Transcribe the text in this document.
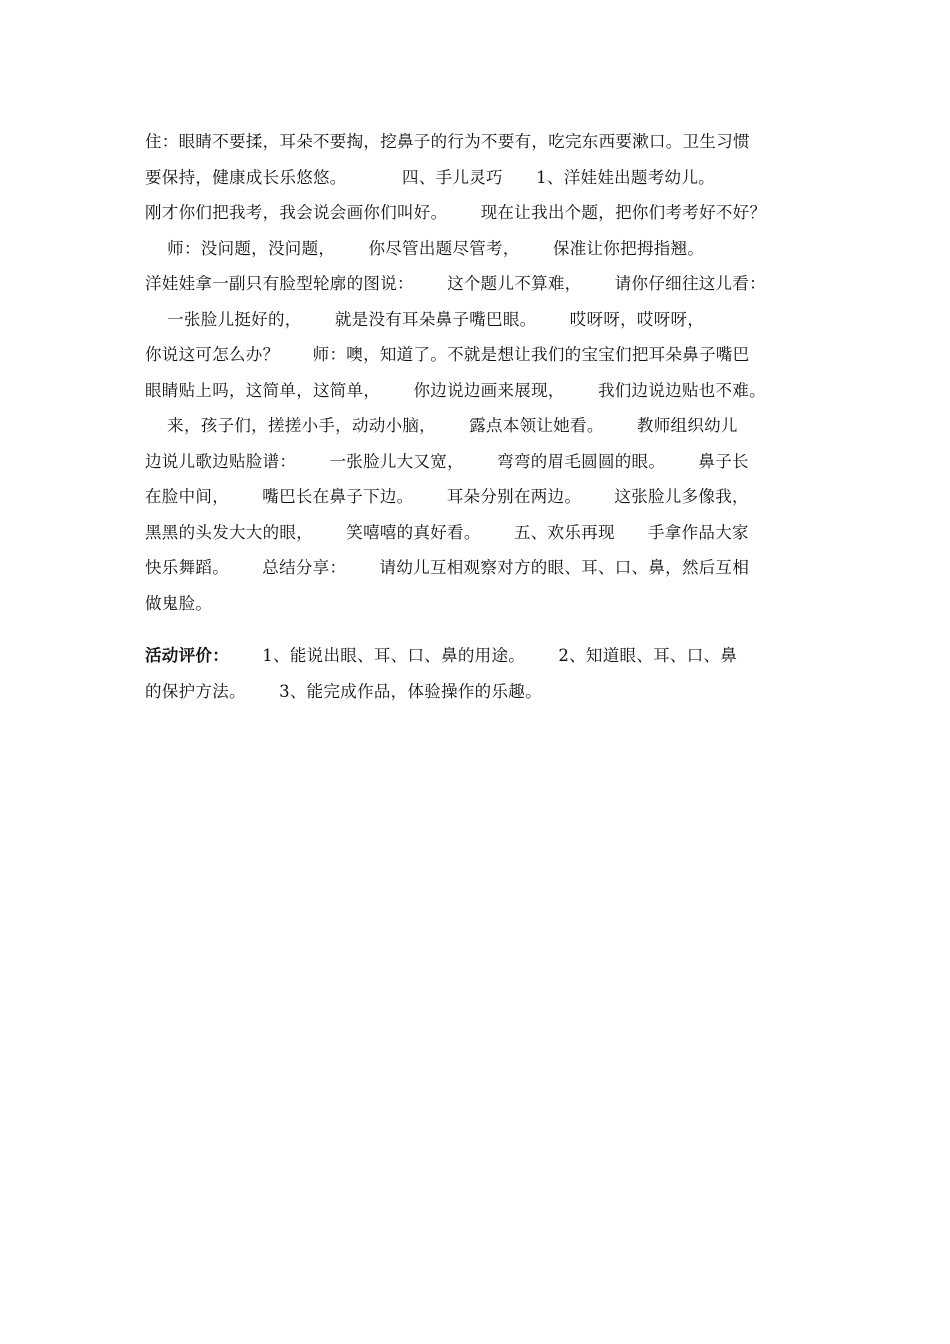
住：眼睛不要揉，耳朵不要掏，挖鼻子的行为不要有，吃完东西要漱口。卫生习惯
要保持，健康成长乐悠悠。          四、手儿灵巧      1、洋娃娃出题考幼儿。
刚才你们把我考，我会说会画你们叫好。      现在让我出个题，把你们考考好不好？
师：没问题，没问题，      你尽管出题尽管考，      保准让你把拇指翘。
洋娃娃拿一副只有脸型轮廓的图说：      这个题儿不算难，      请你仔细往这儿看：
一张脸儿挺好的，      就是没有耳朵鼻子嘴巴眼。      哎呀呀，哎呀呀，
你说这可怎么办？      师：噢，知道了。不就是想让我们的宝宝们把耳朵鼻子嘴巴
眼睛贴上吗，这简单，这简单，      你边说边画来展现，      我们边说边贴也不难。
来，孩子们，搓搓小手，动动小脑，      露点本领让她看。      教师组织幼儿
边说儿歌边贴脸谱：      一张脸儿大又宽，      弯弯的眉毛圆圆的眼。      鼻子长
在脸中间，      嘴巴长在鼻子下边。      耳朵分别在两边。      这张脸儿多像我，
黑黑的头发大大的眼，      笑嘻嘻的真好看。      五、欢乐再现      手拿作品大家
快乐舞蹈。      总结分享：      请幼儿互相观察对方的眼、耳、口、鼻，然后互相
做鬼脸。
活动评价：      1、能说出眼、耳、口、鼻的用途。      2、知道眼、耳、口、鼻
的保护方法。      3、能完成作品，体验操作的乐趣。
